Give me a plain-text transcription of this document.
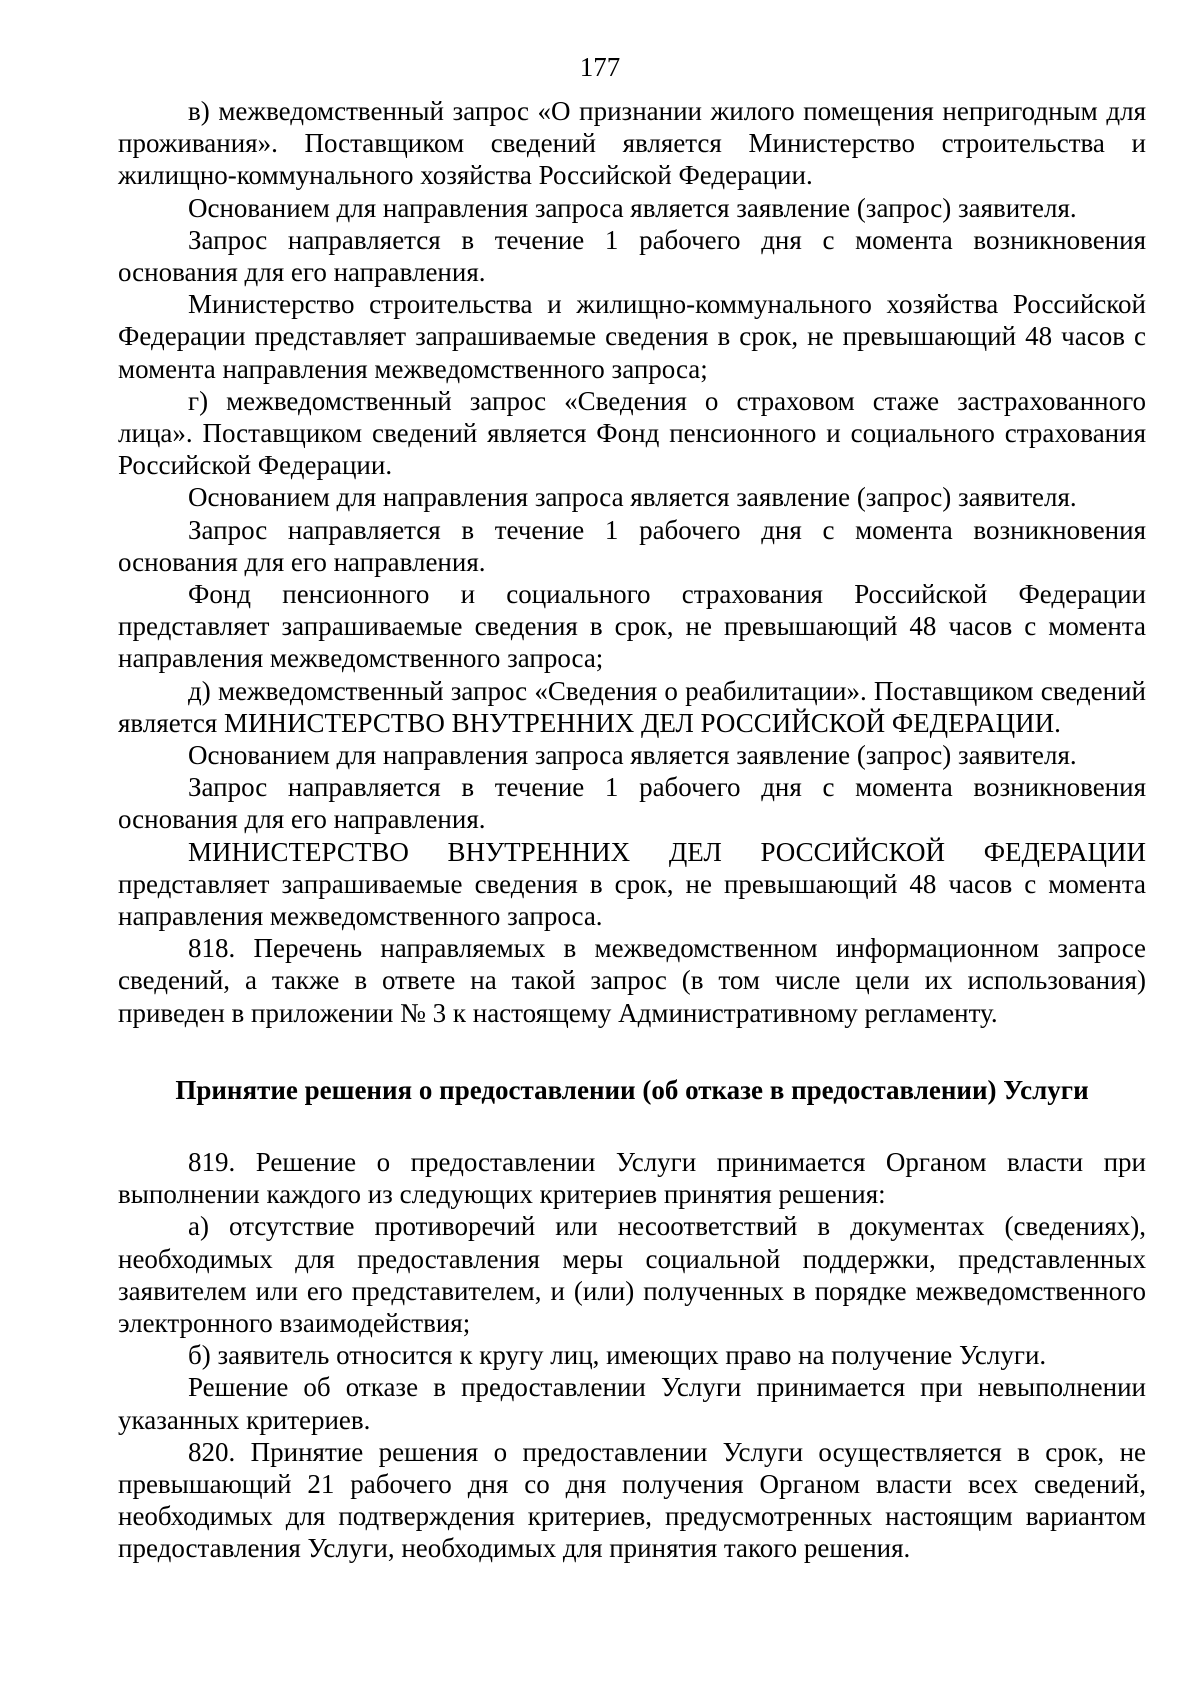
177

в) межведомственный запрос «О признании жилого помещения непригодным для проживания». Поставщиком сведений является Министерство строительства и жилищно-коммунального хозяйства Российской Федерации.

Основанием для направления запроса является заявление (запрос) заявителя.

Запрос направляется в течение 1 рабочего дня с момента возникновения основания для его направления.

Министерство строительства и жилищно-коммунального хозяйства Российской Федерации представляет запрашиваемые сведения в срок, не превышающий 48 часов с момента направления межведомственного запроса;

г) межведомственный запрос «Сведения о страховом стаже застрахованного лица». Поставщиком сведений является Фонд пенсионного и социального страхования Российской Федерации.

Основанием для направления запроса является заявление (запрос) заявителя.

Запрос направляется в течение 1 рабочего дня с момента возникновения основания для его направления.

Фонд пенсионного и социального страхования Российской Федерации представляет запрашиваемые сведения в срок, не превышающий 48 часов с момента направления межведомственного запроса;

д) межведомственный запрос «Сведения о реабилитации». Поставщиком сведений является МИНИСТЕРСТВО ВНУТРЕННИХ ДЕЛ РОССИЙСКОЙ ФЕДЕРАЦИИ.

Основанием для направления запроса является заявление (запрос) заявителя.

Запрос направляется в течение 1 рабочего дня с момента возникновения основания для его направления.

МИНИСТЕРСТВО ВНУТРЕННИХ ДЕЛ РОССИЙСКОЙ ФЕДЕРАЦИИ представляет запрашиваемые сведения в срок, не превышающий 48 часов с момента направления межведомственного запроса.

818. Перечень направляемых в межведомственном информационном запросе сведений, а также в ответе на такой запрос (в том числе цели их использования) приведен в приложении № 3 к настоящему Административному регламенту.

Принятие решения о предоставлении (об отказе в предоставлении) Услуги

819. Решение о предоставлении Услуги принимается Органом власти при выполнении каждого из следующих критериев принятия решения:

а) отсутствие противоречий или несоответствий в документах (сведениях), необходимых для предоставления меры социальной поддержки, представленных заявителем или его представителем, и (или) полученных в порядке межведомственного электронного взаимодействия;

б) заявитель относится к кругу лиц, имеющих право на получение Услуги.

Решение об отказе в предоставлении Услуги принимается при невыполнении указанных критериев.

820. Принятие решения о предоставлении Услуги осуществляется в срок, не превышающий 21 рабочего дня со дня получения Органом власти всех сведений, необходимых для подтверждения критериев, предусмотренных настоящим вариантом предоставления Услуги, необходимых для принятия такого решения.
